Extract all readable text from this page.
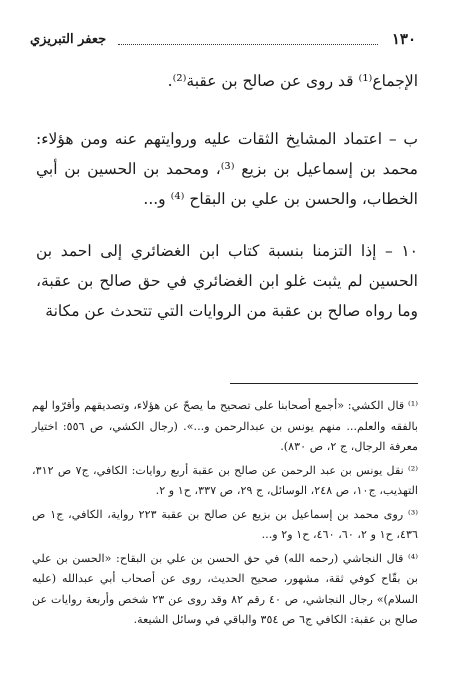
١٣٠
جعفر التبريزي

الإجماع⁽¹⁾ قد روى عن صالح بن عقبة⁽²⁾.

ب – اعتماد المشايخ الثقات عليه وروايتهم عنه ومن هؤلاء: محمد بن إسماعيل بن بزيع ⁽³⁾، ومحمد بن الحسين بن أبي الخطاب، والحسن بن علي بن البقاح ⁽⁴⁾ و...

١٠ – إذا التزمنا بنسبة كتاب ابن الغضائري إلى احمد بن الحسين لم يثبت غلو ابن الغضائري في حق صالح بن عقبة، وما رواه صالح بن عقبة من الروايات التي تتحدث عن مكانة

⁽¹⁾ قال الكشي: «أجمع أصحابنا على تصحيح ما يصحّ عن هؤلاء، وتصديقهم وأقرّوا لهم بالفقه والعلم... منهم يونس بن عبدالرحمن و...». (رجال الكشي، ص ٥٥٦: اختيار معرفة الرجال، ج ٢، ص ٨٣٠).

⁽²⁾ نقل يونس بن عبد الرحمن عن صالح بن عقبة أربع روايات: الكافي، ج٧ ص ٣١٢، التهذيب، ج١٠، ص ٢٤٨، الوسائل، ج ٢٩، ص ٣٣٧، ح١ و ٢.

⁽³⁾ روى محمد بن إسماعيل بن بزيع عن صالح بن عقبة ٢٢٣ رواية، الكافي، ج١ ص ٤٣٦، ح١ و ٢، ٦٠، ٤٦٠، ح١ و٢ و...

⁽⁴⁾ قال النجاشي (رحمه الله) في حق الحسن بن علي بن البقاح: «الحسن بن علي بن بقّاح كوفي ثقة، مشهور، صحيح الحديث، روى عن أصحاب أبي عبدالله (عليه السلام)» رجال النجاشي، ص ٤٠ رقم ٨٢ وقد روى عن ٢٣ شخص وأربعة روايات عن صالح بن عقبة: الكافي ج٦ ص ٣٥٤ والباقي في وسائل الشيعة.
